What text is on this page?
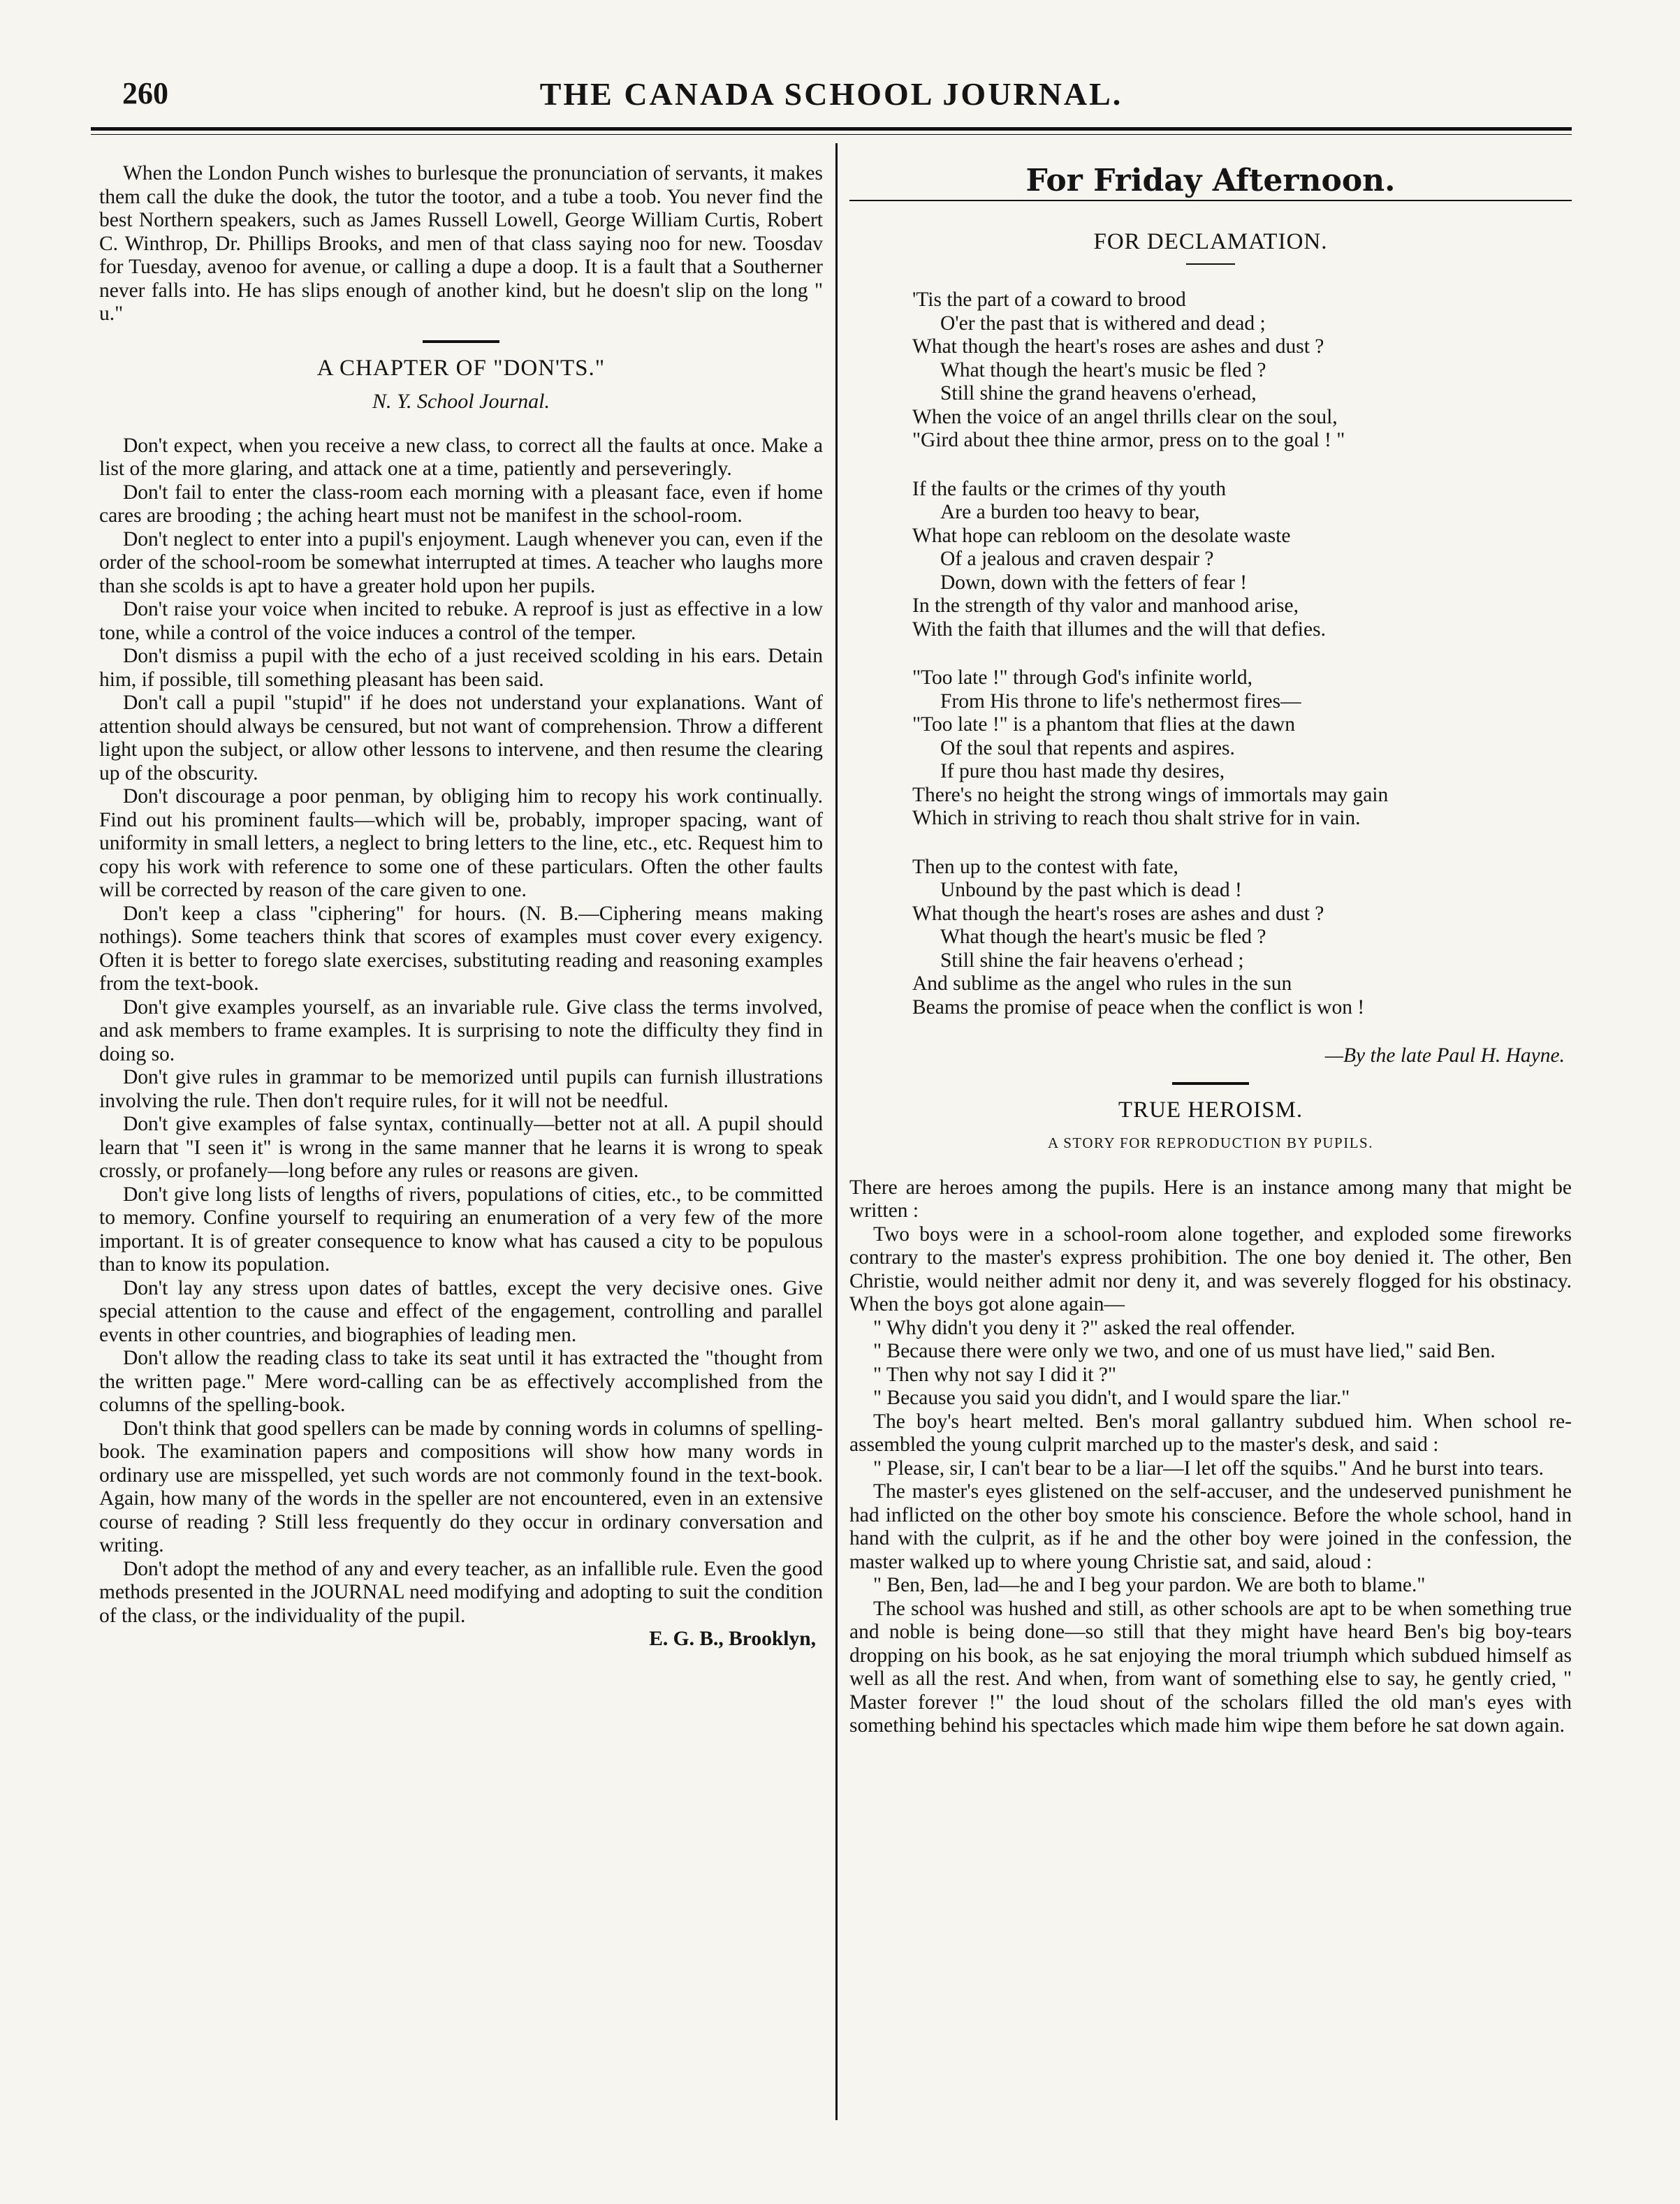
260	THE CANADA SCHOOL JOURNAL.

When the London Punch wishes to burlesque the pronunciation of servants, it makes them call the duke the dook, the tutor the tootor, and a tube a toob. You never find the best Northern speakers, such as James Russell Lowell, George William Curtis, Robert C. Winthrop, Dr. Phillips Brooks, and men of that class saying noo for new. Toosdav for Tuesday, avenoo for avenue, or calling a dupe a doop. It is a fault that a Southerner never falls into. He has slips enough of another kind, but he doesn't slip on the long " u."

A CHAPTER OF "DON'TS."
N. Y. School Journal.

Don't expect, when you receive a new class, to correct all the faults at once. Make a list of the more glaring, and attack one at a time, patiently and perseveringly.

Don't fail to enter the class-room each morning with a pleasant face, even if home cares are brooding ; the aching heart must not be manifest in the school-room.

Don't neglect to enter into a pupil's enjoyment. Laugh whenever you can, even if the order of the school-room be somewhat interrupted at times. A teacher who laughs more than she scolds is apt to have a greater hold upon her pupils.

Don't raise your voice when incited to rebuke. A reproof is just as effective in a low tone, while a control of the voice induces a control of the temper.

Don't dismiss a pupil with the echo of a just received scolding in his ears. Detain him, if possible, till something pleasant has been said.

Don't call a pupil "stupid" if he does not understand your explanations. Want of attention should always be censured, but not want of comprehension. Throw a different light upon the subject, or allow other lessons to intervene, and then resume the clearing up of the obscurity.

Don't discourage a poor penman, by obliging him to recopy his work continually. Find out his prominent faults—which will be, probably, improper spacing, want of uniformity in small letters, a neglect to bring letters to the line, etc., etc. Request him to copy his work with reference to some one of these particulars. Often the other faults will be corrected by reason of the care given to one.

Don't keep a class "ciphering" for hours. (N. B.—Ciphering means making nothings). Some teachers think that scores of examples must cover every exigency. Often it is better to forego slate exercises, substituting reading and reasoning examples from the text-book.

Don't give examples yourself, as an invariable rule. Give class the terms involved, and ask members to frame examples. It is surprising to note the difficulty they find in doing so.

Don't give rules in grammar to be memorized until pupils can furnish illustrations involving the rule. Then don't require rules, for it will not be needful.

Don't give examples of false syntax, continually—better not at all. A pupil should learn that "I seen it" is wrong in the same manner that he learns it is wrong to speak crossly, or profanely—long before any rules or reasons are given.

Don't give long lists of lengths of rivers, populations of cities, etc., to be committed to memory. Confine yourself to requiring an enumeration of a very few of the more important. It is of greater consequence to know what has caused a city to be populous than to know its population.

Don't lay any stress upon dates of battles, except the very decisive ones. Give special attention to the cause and effect of the engagement, controlling and parallel events in other countries, and biographies of leading men.

Don't allow the reading class to take its seat until it has extracted the "thought from the written page." Mere word-calling can be as effectively accomplished from the columns of the spelling-book.

Don't think that good spellers can be made by conning words in columns of spelling-book. The examination papers and compositions will show how many words in ordinary use are misspelled, yet such words are not commonly found in the text-book. Again, how many of the words in the speller are not encountered, even in an extensive course of reading ? Still less frequently do they occur in ordinary conversation and writing.

Don't adopt the method of any and every teacher, as an infallible rule. Even the good methods presented in the JOURNAL need modifying and adopting to suit the condition of the class, or the individuality of the pupil.

E. G. B., Brooklyn,
For Friday Afternoon.
FOR DECLAMATION.
'Tis the part of a coward to brood
O'er the past that is withered and dead ;
What though the heart's roses are ashes and dust ?
What though the heart's music be fled ?
Still shine the grand heavens o'erhead,
When the voice of an angel thrills clear on the soul,
"Gird about thee thine armor, press on to the goal ! "
If the faults or the crimes of thy youth
Are a burden too heavy to bear,
What hope can rebloom on the desolate waste
Of a jealous and craven despair ?
Down, down with the fetters of fear !
In the strength of thy valor and manhood arise,
With the faith that illumes and the will that defies.
"Too late !" through God's infinite world,
From His throne to life's nethermost fires—
"Too late !" is a phantom that flies at the dawn
Of the soul that repents and aspires.
If pure thou hast made thy desires,
There's no height the strong wings of immortals may gain
Which in striving to reach thou shalt strive for in vain.
Then up to the contest with fate,
Unbound by the past which is dead !
What though the heart's roses are ashes and dust ?
What though the heart's music be fled ?
Still shine the fair heavens o'erhead ;
And sublime as the angel who rules in the sun
Beams the promise of peace when the conflict is won !
—By the late Paul H. Hayne.
TRUE HEROISM.
A STORY FOR REPRODUCTION BY PUPILS.

There are heroes among the pupils. Here is an instance among many that might be written :

Two boys were in a school-room alone together, and exploded some fireworks contrary to the master's express prohibition. The one boy denied it. The other, Ben Christie, would neither admit nor deny it, and was severely flogged for his obstinacy. When the boys got alone again—

" Why didn't you deny it ?" asked the real offender.

" Because there were only we two, and one of us must have lied," said Ben.

" Then why not say I did it ?"

" Because you said you didn't, and I would spare the liar."

The boy's heart melted. Ben's moral gallantry subdued him. When school re-assembled the young culprit marched up to the master's desk, and said :

" Please, sir, I can't bear to be a liar—I let off the squibs." And he burst into tears.

The master's eyes glistened on the self-accuser, and the undeserved punishment he had inflicted on the other boy smote his conscience. Before the whole school, hand in hand with the culprit, as if he and the other boy were joined in the confession, the master walked up to where young Christie sat, and said, aloud :

" Ben, Ben, lad—he and I beg your pardon. We are both to blame."

The school was hushed and still, as other schools are apt to be when something true and noble is being done—so still that they might have heard Ben's big boy-tears dropping on his book, as he sat enjoying the moral triumph which subdued himself as well as all the rest. And when, from want of something else to say, he gently cried, " Master forever !" the loud shout of the scholars filled the old man's eyes with something behind his spectacles which made him wipe them before he sat down again.
